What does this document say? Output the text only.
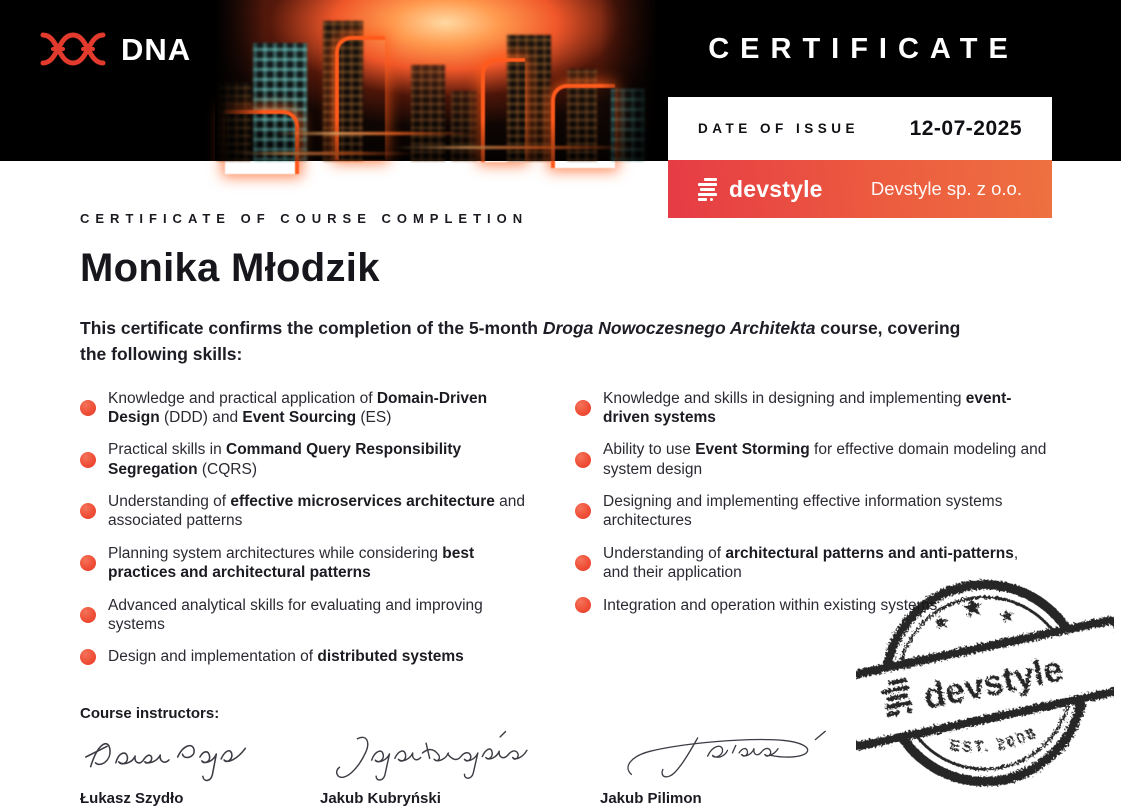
DNA	CERTIFICATE
DATE OF ISSUE 12-07-2025
devstyle	Devstyle sp. z o.o.
CERTIFICATE OF COURSE COMPLETION
Monika Młodzik
This certificate confirms the completion of the 5-month Droga Nowoczesnego Architekta course, covering the following skills:
Knowledge and practical application of Domain-Driven Design (DDD) and Event Sourcing (ES)
Practical skills in Command Query Responsibility Segregation (CQRS)
Understanding of effective microservices architecture and associated patterns
Planning system architectures while considering best practices and architectural patterns
Advanced analytical skills for evaluating and improving systems
Design and implementation of distributed systems
Knowledge and skills in designing and implementing event-driven systems
Ability to use Event Storming for effective domain modeling and system design
Designing and implementing effective information systems architectures
Understanding of architectural patterns and anti-patterns, and their application
Integration and operation within existing systems
Course instructors:
Łukasz Szydło	Jakub Kubryński	Jakub Pilimon
devstyle
EST. 2008
